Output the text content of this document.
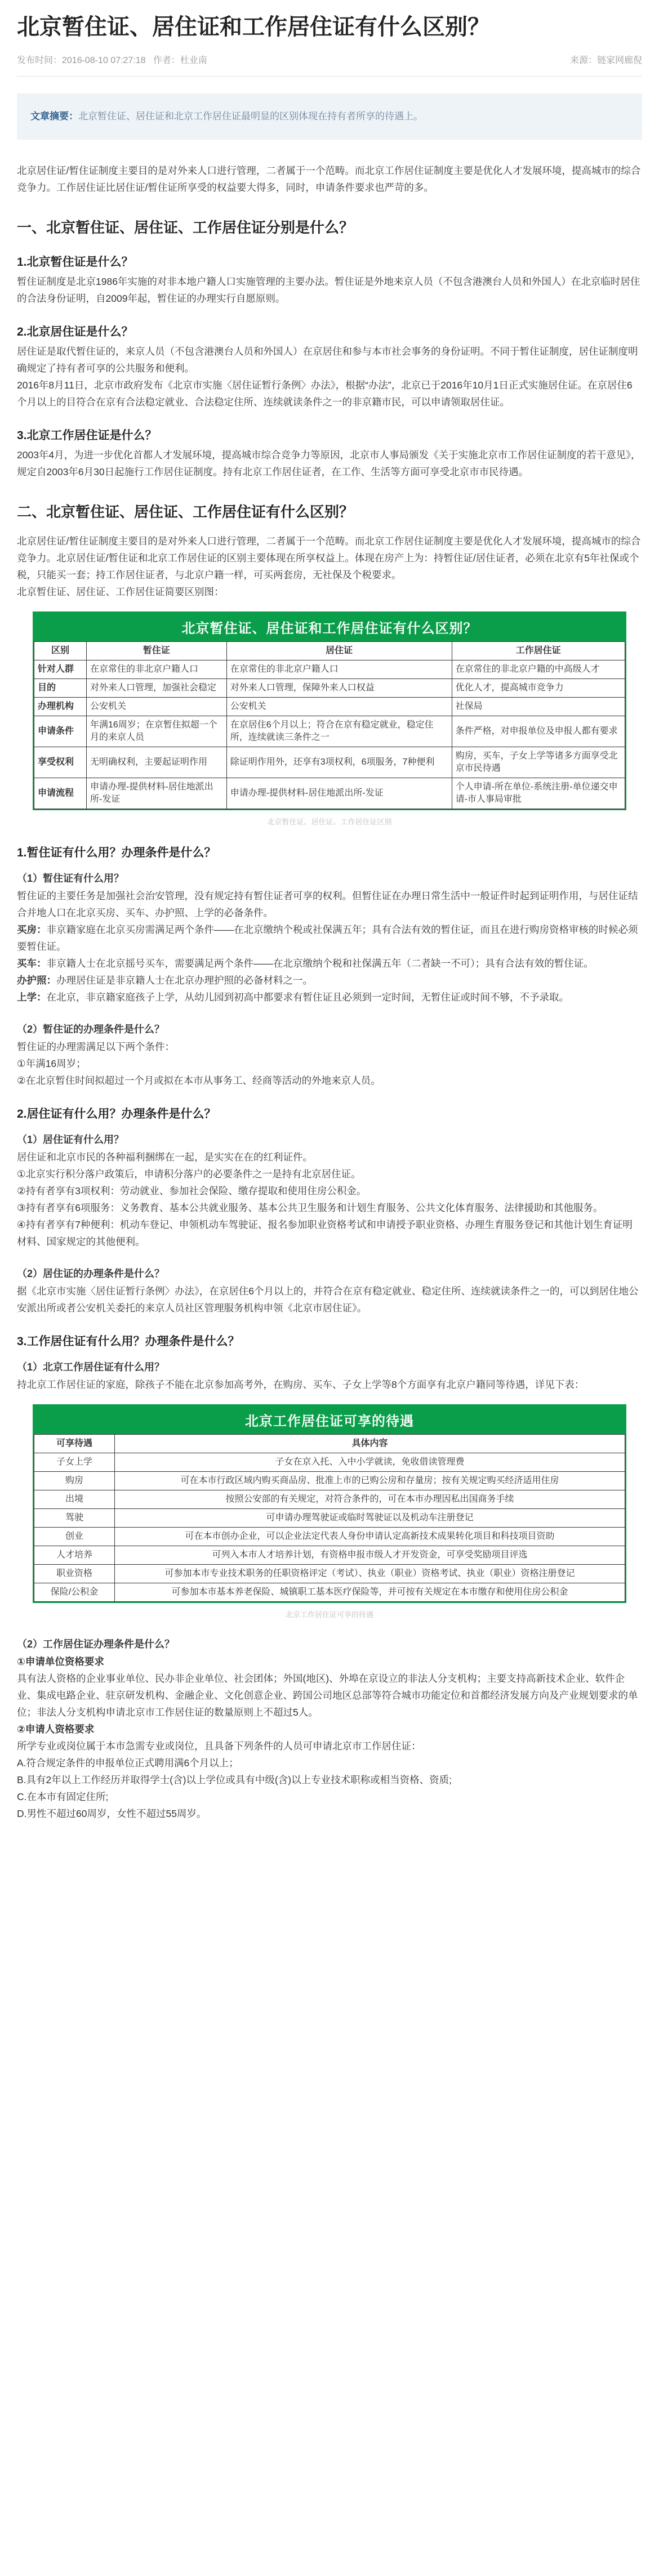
北京暂住证、居住证和工作居住证有什么区别？
发布时间：2016-08-10 07:27:18 作者：杜业南	来源：链家网廊倪
文章摘要：北京暂住证、居住证和北京工作居住证最明显的区别体现在持有者所享的待遇上。

北京居住证/暂住证制度主要目的是对外来人口进行管理，二者属于一个范畴。而北京工作居住证制度主要是优化人才发展环境，提高城市的综合竞争力。工作居住证比居住证/暂住证所享受的权益要大得多，同时，申请条件要求也严苛的多。

一、北京暂住证、居住证、工作居住证分别是什么？
1.北京暂住证是什么？

暂住证制度是北京1986年实施的对非本地户籍人口实施管理的主要办法。暂住证是外地来京人员（不包含港澳台人员和外国人）在北京临时居住的合法身份证明，自2009年起，暂住证的办理实行自愿原则。

2.北京居住证是什么？

居住证是取代暂住证的，来京人员（不包含港澳台人员和外国人）在京居住和参与本市社会事务的身份证明。不同于暂住证制度，居住证制度明确规定了持有者可享的公共服务和便利。

2016年8月11日，北京市政府发布《北京市实施〈居住证暂行条例〉办法》，根据“办法”，北京已于2016年10月1日正式实施居住证。在京居住6个月以上的目符合在京有合法稳定就业、合法稳定住所、连续就读条件之一的非京籍市民，可以申请领取居住证。

3.北京工作居住证是什么？

2003年4月，为进一步优化首都人才发展环境，提高城市综合竞争力等原因，北京市人事局颁发《关于实施北京市工作居住证制度的若干意见》，规定自2003年6月30日起施行工作居住证制度。持有北京工作居住证者，在工作、生活等方面可享受北京市市民待遇。

二、北京暂住证、居住证、工作居住证有什么区别？

北京居住证/暂住证制度主要目的是对外来人口进行管理，二者属于一个范畴。而北京工作居住证制度主要是优化人才发展环境，提高城市的综合竞争力。北京居住证/暂住证和北京工作居住证的区别主要体现在所享权益上。体现在房产上为：持暂住证/居住证者，必须在北京有5年社保或个税，只能买一套；持工作居住证者，与北京户籍一样，可买两套房，无社保及个税要求。

北京暂住证、居住证、工作居住证简要区别图：

北京暂住证、居住证和工作居住证有什么区别？
区别	暂住证	居住证	工作居住证
针对人群	在京常住的非北京户籍人口	在京常住的非北京户籍人口	在京常住的非北京户籍的中高级人才
目的	对外来人口管理，加强社会稳定	对外来人口管理，保障外来人口权益	优化人才，提高城市竞争力
办理机构	公安机关	公安机关	社保局
申请条件	年满16周岁；在京暂住拟超一个月的来京人员	在京居住6个月以上；符合在京有稳定就业，稳定住所，连续就读三条件之一	条件严格，对申报单位及申报人都有要求
享受权利	无明确权利，主要起证明作用	除证明作用外，还享有3项权利，6项服务，7种便利	购房，买车，子女上学等诸多方面享受北京市民待遇
申请流程	申请办理-提供材料-居住地派出所-发证	申请办理-提供材料-居住地派出所-发证	个人申请-所在单位-系统注册-单位递交申请-市人事局审批
北京暂住证、居住证、工作居住证区别
1.暂住证有什么用？办理条件是什么？
（1）暂住证有什么用？

暂住证的主要任务是加强社会治安管理，没有规定持有暂住证者可享的权利。但暂住证在办理日常生活中一般证件时起到证明作用，与居住证结合并地人口在北京买房、买车、办护照、上学的必备条件。

买房：非京籍家庭在北京买房需满足两个条件——在北京缴纳个税或社保满五年；具有合法有效的暂住证，而且在进行购房资格审核的时候必须要暂住证。

买车：非京籍人士在北京摇号买车，需要满足两个条件——在北京缴纳个税和社保满五年（二者缺一不可）；具有合法有效的暂住证。

办护照：办理居住证是非京籍人士在北京办理护照的必备材料之一。

上学：在北京，非京籍家庭孩子上学，从幼儿园到初高中都要求有暂住证且必须到一定时间，无暂住证或时间不够，不予录取。

（2）暂住证的办理条件是什么？

暂住证的办理需满足以下两个条件：

①年满16周岁；

②在北京暂住时间拟超过一个月或拟在本市从事务工、经商等活动的外地来京人员。

2.居住证有什么用？办理条件是什么？
（1）居住证有什么用？

居住证和北京市民的各种福利捆绑在一起，是实实在在的红利证件。

①北京实行积分落户政策后，申请积分落户的必要条件之一是持有北京居住证。

②持有者享有3项权利：劳动就业、参加社会保险、缴存提取和使用住房公积金。

③持有者享有6项服务：义务教育、基本公共就业服务、基本公共卫生服务和计划生育服务、公共文化体育服务、法律援助和其他服务。

④持有者享有7种便利：机动车登记、申领机动车驾驶证、报名参加职业资格考试和申请授予职业资格、办理生育服务登记和其他计划生育证明材料、国家规定的其他便利。

（2）居住证的办理条件是什么？

据《北京市实施〈居住证暂行条例〉办法》，在京居住6个月以上的，并符合在京有稳定就业、稳定住所、连续就读条件之一的，可以到居住地公安派出所或者公安机关委托的来京人员社区管理服务机构申领《北京市居住证》。

3.工作居住证有什么用？办理条件是什么？
（1）北京工作居住证有什么用？

持北京工作居住证的家庭，除孩子不能在北京参加高考外，在购房、买车、子女上学等8个方面享有北京户籍同等待遇，详见下表：

北京工作居住证可享的待遇
可享待遇	具体内容
子女上学	子女在京入托、入中小学就读，免收借读管理费
购房	可在本市行政区域内购买商品房、批准上市的已购公房和存量房；按有关规定购买经济适用住房
出境	按照公安部的有关规定，对符合条件的，可在本市办理因私出国商务手续
驾驶	可申请办理驾驶证或临时驾驶证以及机动车注册登记
创业	可在本市创办企业，可以企业法定代表人身份申请认定高新技术成果转化项目和科技项目资助
人才培养	可列入本市人才培养计划，有资格申报市级人才开发资金，可享受奖励项目评选
职业资格	可参加本市专业技术职务的任职资格评定（考试）、执业（职业）资格考试、执业（职业）资格注册登记
保险/公积金	可参加本市基本养老保险、城镇职工基本医疗保险等，并可按有关规定在本市缴存和使用住房公积金
北京工作居住证可享的待遇
（2）工作居住证办理条件是什么？

①申请单位资格要求

具有法人资格的企业事业单位、民办非企业单位、社会团体；外国(地区)、外埠在京设立的非法人分支机构；主要支持高新技术企业、软件企业、集成电路企业、驻京研发机构、金融企业、文化创意企业、跨国公司地区总部等符合城市功能定位和首都经济发展方向及产业规划要求的单位；非法人分支机构申请北京市工作居住证的数量原则上不超过5人。

②申请人资格要求

所学专业或岗位属于本市急需专业或岗位，且具备下列条件的人员可申请北京市工作居住证：

A.符合规定条件的申报单位正式聘用满6个月以上；

B.具有2年以上工作经历并取得学士(含)以上学位或具有中级(含)以上专业技术职称或相当资格、资质;

C.在本市有固定住所;

D.男性不超过60周岁，女性不超过55周岁。
